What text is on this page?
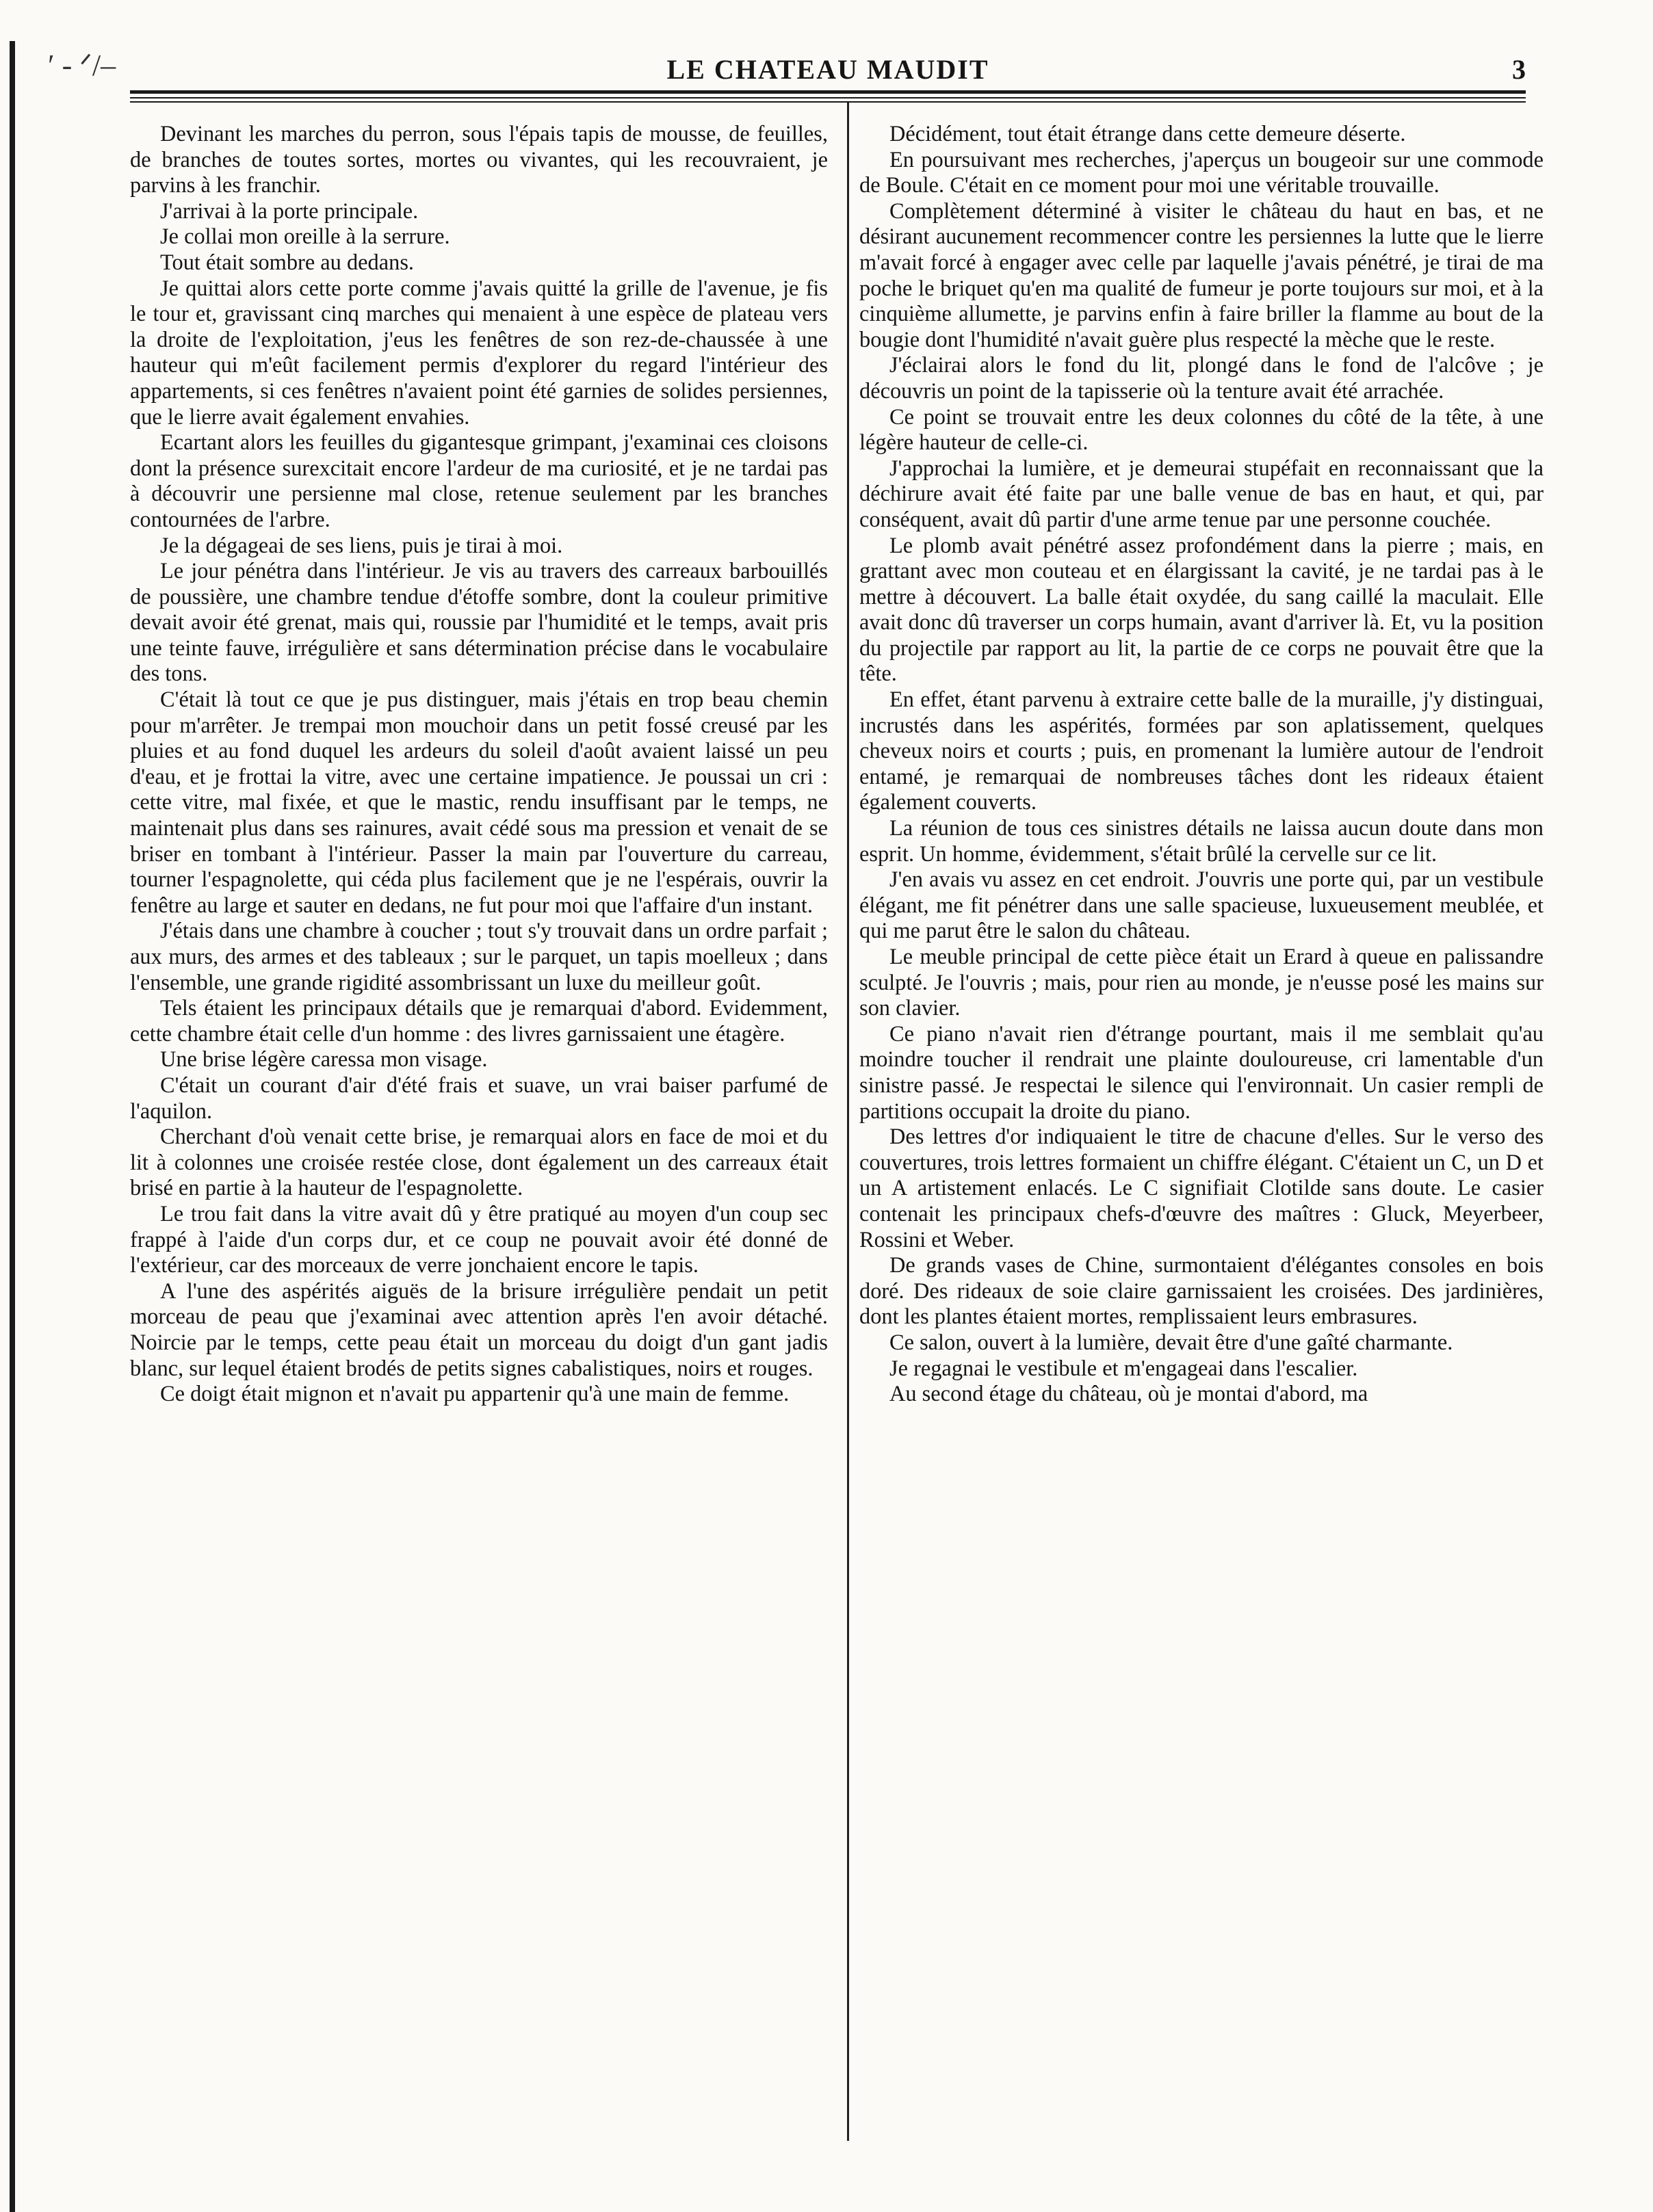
ʹ - ᐟ/–	LE CHATEAU MAUDIT	3

Devinant les marches du perron, sous l'épais tapis de mousse, de feuilles, de branches de toutes sortes, mortes ou vivantes, qui les recouvraient, je parvins à les franchir.

J'arrivai à la porte principale.

Je collai mon oreille à la serrure.

Tout était sombre au dedans.

Je quittai alors cette porte comme j'avais quitté la grille de l'avenue, je fis le tour et, gravissant cinq marches qui menaient à une espèce de plateau vers la droite de l'exploitation, j'eus les fenêtres de son rez-de-chaussée à une hauteur qui m'eût facilement permis d'explorer du regard l'intérieur des appartements, si ces fenêtres n'avaient point été garnies de solides persiennes, que le lierre avait également envahies.

Ecartant alors les feuilles du gigantesque grimpant, j'examinai ces cloisons dont la présence surexcitait encore l'ardeur de ma curiosité, et je ne tardai pas à découvrir une persienne mal close, retenue seulement par les branches contournées de l'arbre.

Je la dégageai de ses liens, puis je tirai à moi.

Le jour pénétra dans l'intérieur. Je vis au travers des carreaux barbouillés de poussière, une chambre tendue d'étoffe sombre, dont la couleur primitive devait avoir été grenat, mais qui, roussie par l'humidité et le temps, avait pris une teinte fauve, irrégulière et sans détermination précise dans le vocabulaire des tons.

C'était là tout ce que je pus distinguer, mais j'étais en trop beau chemin pour m'arrêter. Je trempai mon mouchoir dans un petit fossé creusé par les pluies et au fond duquel les ardeurs du soleil d'août avaient laissé un peu d'eau, et je frottai la vitre, avec une certaine impatience. Je poussai un cri : cette vitre, mal fixée, et que le mastic, rendu insuffisant par le temps, ne maintenait plus dans ses rainures, avait cédé sous ma pression et venait de se briser en tombant à l'intérieur. Passer la main par l'ouverture du carreau, tourner l'espagnolette, qui céda plus facilement que je ne l'espérais, ouvrir la fenêtre au large et sauter en dedans, ne fut pour moi que l'affaire d'un instant.

J'étais dans une chambre à coucher ; tout s'y trouvait dans un ordre parfait ; aux murs, des armes et des tableaux ; sur le parquet, un tapis moelleux ; dans l'ensemble, une grande rigidité assombrissant un luxe du meilleur goût.

Tels étaient les principaux détails que je remarquai d'abord. Evidemment, cette chambre était celle d'un homme : des livres garnissaient une étagère.

Une brise légère caressa mon visage.

C'était un courant d'air d'été frais et suave, un vrai baiser parfumé de l'aquilon.

Cherchant d'où venait cette brise, je remarquai alors en face de moi et du lit à colonnes une croisée restée close, dont également un des carreaux était brisé en partie à la hauteur de l'espagnolette.

Le trou fait dans la vitre avait dû y être pratiqué au moyen d'un coup sec frappé à l'aide d'un corps dur, et ce coup ne pouvait avoir été donné de l'extérieur, car des morceaux de verre jonchaient encore le tapis.

A l'une des aspérités aiguës de la brisure irrégulière pendait un petit morceau de peau que j'examinai avec attention après l'en avoir détaché. Noircie par le temps, cette peau était un morceau du doigt d'un gant jadis blanc, sur lequel étaient brodés de petits signes cabalistiques, noirs et rouges.

Ce doigt était mignon et n'avait pu appartenir qu'à une main de femme.

Décidément, tout était étrange dans cette demeure déserte.

En poursuivant mes recherches, j'aperçus un bougeoir sur une commode de Boule. C'était en ce moment pour moi une véritable trouvaille.

Complètement déterminé à visiter le château du haut en bas, et ne désirant aucunement recommencer contre les persiennes la lutte que le lierre m'avait forcé à engager avec celle par laquelle j'avais pénétré, je tirai de ma poche le briquet qu'en ma qualité de fumeur je porte toujours sur moi, et à la cinquième allumette, je parvins enfin à faire briller la flamme au bout de la bougie dont l'humidité n'avait guère plus respecté la mèche que le reste.

J'éclairai alors le fond du lit, plongé dans le fond de l'alcôve ; je découvris un point de la tapisserie où la tenture avait été arrachée.

Ce point se trouvait entre les deux colonnes du côté de la tête, à une légère hauteur de celle-ci.

J'approchai la lumière, et je demeurai stupéfait en reconnaissant que la déchirure avait été faite par une balle venue de bas en haut, et qui, par conséquent, avait dû partir d'une arme tenue par une personne couchée.

Le plomb avait pénétré assez profondément dans la pierre ; mais, en grattant avec mon couteau et en élargissant la cavité, je ne tardai pas à le mettre à découvert. La balle était oxydée, du sang caillé la maculait. Elle avait donc dû traverser un corps humain, avant d'arriver là. Et, vu la position du projectile par rapport au lit, la partie de ce corps ne pouvait être que la tête.

En effet, étant parvenu à extraire cette balle de la muraille, j'y distinguai, incrustés dans les aspérités, formées par son aplatissement, quelques cheveux noirs et courts ; puis, en promenant la lumière autour de l'endroit entamé, je remarquai de nombreuses tâches dont les rideaux étaient également couverts.

La réunion de tous ces sinistres détails ne laissa aucun doute dans mon esprit. Un homme, évidemment, s'était brûlé la cervelle sur ce lit.

J'en avais vu assez en cet endroit. J'ouvris une porte qui, par un vestibule élégant, me fit pénétrer dans une salle spacieuse, luxueusement meublée, et qui me parut être le salon du château.

Le meuble principal de cette pièce était un Erard à queue en palissandre sculpté. Je l'ouvris ; mais, pour rien au monde, je n'eusse posé les mains sur son clavier.

Ce piano n'avait rien d'étrange pourtant, mais il me semblait qu'au moindre toucher il rendrait une plainte douloureuse, cri lamentable d'un sinistre passé. Je respectai le silence qui l'environnait. Un casier rempli de partitions occupait la droite du piano.

Des lettres d'or indiquaient le titre de chacune d'elles. Sur le verso des couvertures, trois lettres formaient un chiffre élégant. C'étaient un C, un D et un A artistement enlacés. Le C signifiait Clotilde sans doute. Le casier contenait les principaux chefs-d'œuvre des maîtres : Gluck, Meyerbeer, Rossini et Weber.

De grands vases de Chine, surmontaient d'élégantes consoles en bois doré. Des rideaux de soie claire garnissaient les croisées. Des jardinières, dont les plantes étaient mortes, remplissaient leurs embrasures.

Ce salon, ouvert à la lumière, devait être d'une gaîté charmante.

Je regagnai le vestibule et m'engageai dans l'escalier.

Au second étage du château, où je montai d'abord, ma
